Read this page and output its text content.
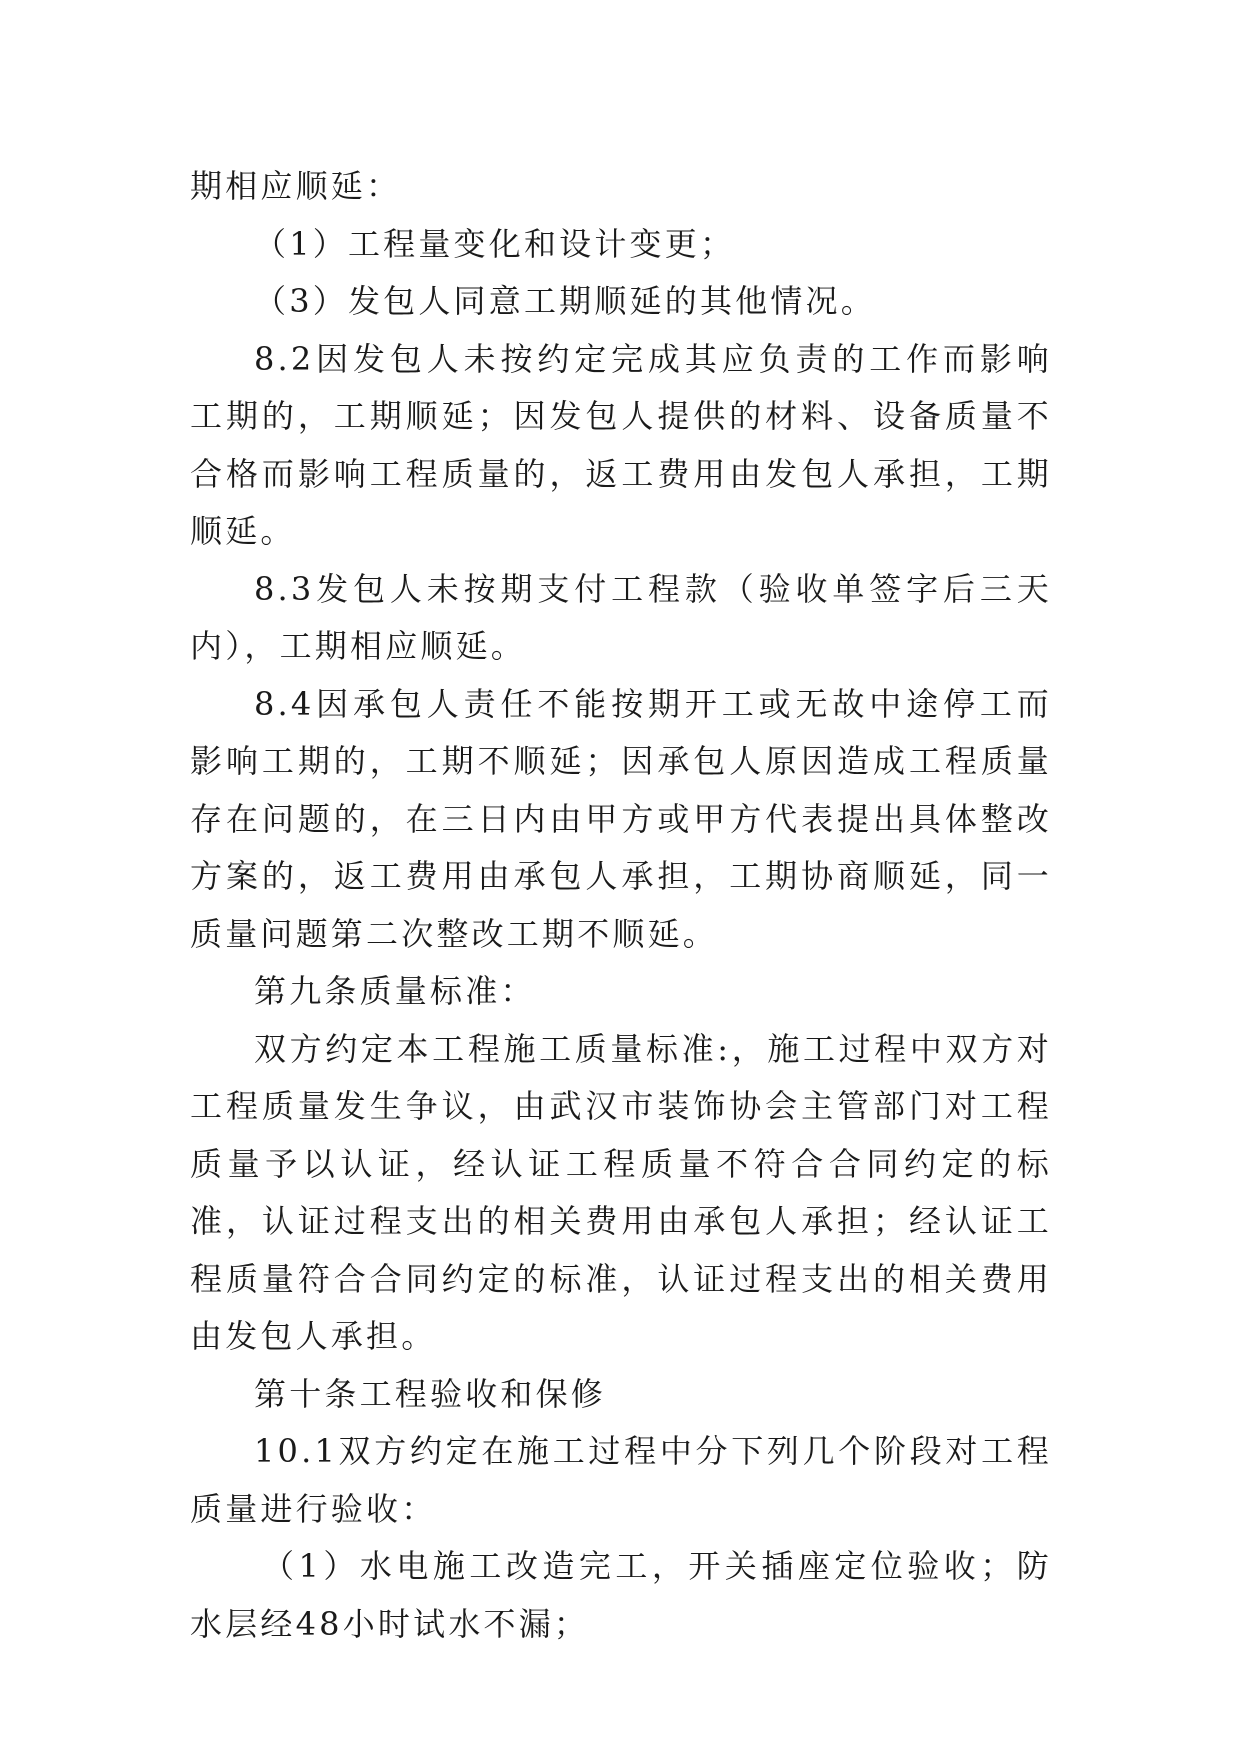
期相应顺延：

（1）工程量变化和设计变更；

（3）发包人同意工期顺延的其他情况。

8.2因发包人未按约定完成其应负责的工作而影响工期的，工期顺延；因发包人提供的材料、设备质量不合格而影响工程质量的，返工费用由发包人承担，工期顺延。

8.3发包人未按期支付工程款（验收单签字后三天内），工期相应顺延。

8.4因承包人责任不能按期开工或无故中途停工而影响工期的，工期不顺延；因承包人原因造成工程质量存在问题的，在三日内由甲方或甲方代表提出具体整改方案的，返工费用由承包人承担，工期协商顺延，同一质量问题第二次整改工期不顺延。

第九条质量标准：

双方约定本工程施工质量标准:，施工过程中双方对工程质量发生争议，由武汉市装饰协会主管部门对工程质量予以认证，经认证工程质量不符合合同约定的标准，认证过程支出的相关费用由承包人承担；经认证工程质量符合合同约定的标准，认证过程支出的相关费用由发包人承担。

第十条工程验收和保修

10.1双方约定在施工过程中分下列几个阶段对工程质量进行验收：

（1）水电施工改造完工，开关插座定位验收；防水层经48小时试水不漏；
